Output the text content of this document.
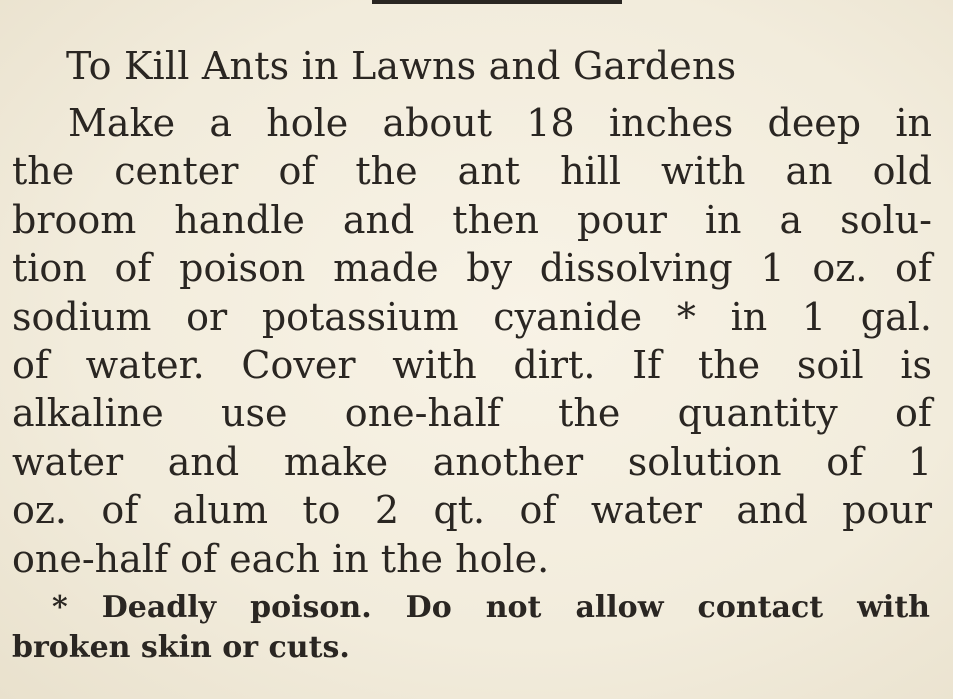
To Kill Ants in Lawns and Gardens
Make a hole about 18 inches deep in
the center of the ant hill with an old
broom handle and then pour in a solu-
tion of poison made by dissolving 1 oz. of
sodium or potassium cyanide * in 1 gal.
of water. Cover with dirt. If the soil is
alkaline use one-half the quantity of
water and make another solution of 1
oz. of alum to 2 qt. of water and pour
one-half of each in the hole.
* Deadly poison. Do not allow contact with
broken skin or cuts.
